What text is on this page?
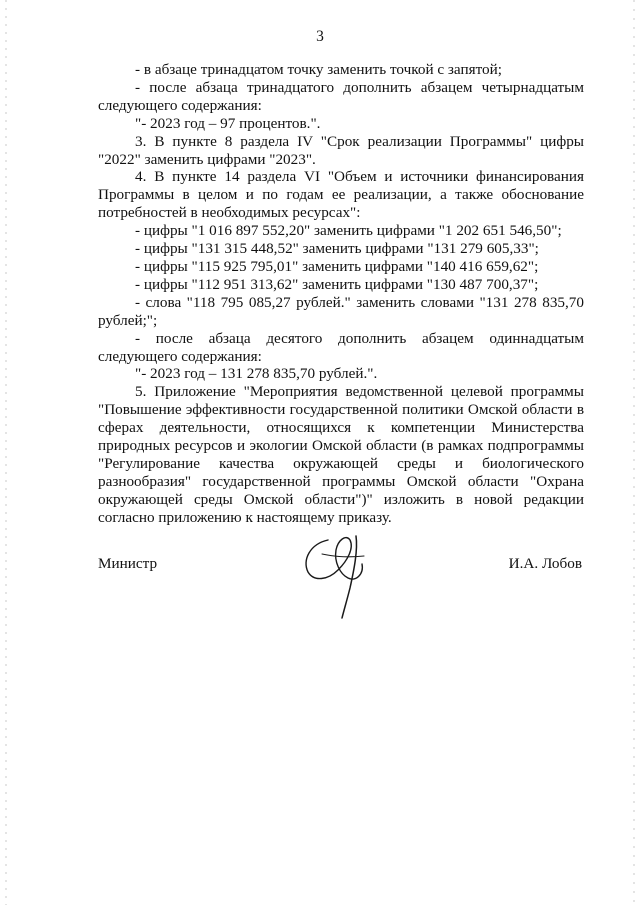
3

- в абзаце тринадцатом точку заменить точкой с запятой;

- после абзаца тринадцатого дополнить абзацем четырнадцатым следующего содержания:

"- 2023 год – 97 процентов.".

3. В пункте 8 раздела IV "Срок реализации Программы" цифры "2022" заменить цифрами "2023".

4. В пункте 14 раздела VI "Объем и источники финансирования Программы в целом и по годам ее реализации, а также обоснование потребностей в необходимых ресурсах":

- цифры "1 016 897 552,20" заменить цифрами "1 202 651 546,50";

- цифры "131 315 448,52" заменить цифрами "131 279 605,33";

- цифры "115 925 795,01" заменить цифрами "140 416 659,62";

- цифры "112 951 313,62" заменить цифрами "130 487 700,37";

- слова "118 795 085,27 рублей." заменить словами "131 278 835,70 рублей;";

- после абзаца десятого дополнить абзацем одиннадцатым следующего содержания:

"- 2023 год – 131 278 835,70 рублей.".

5. Приложение "Мероприятия ведомственной целевой программы "Повышение эффективности государственной политики Омской области в сферах деятельности, относящихся к компетенции Министерства природных ресурсов и экологии Омской области (в рамках подпрограммы "Регулирование качества окружающей среды и биологического разнообразия" государственной программы Омской области "Охрана окружающей среды Омской области")" изложить в новой редакции согласно приложению к настоящему приказу.

Министр	И.А. Лобов
